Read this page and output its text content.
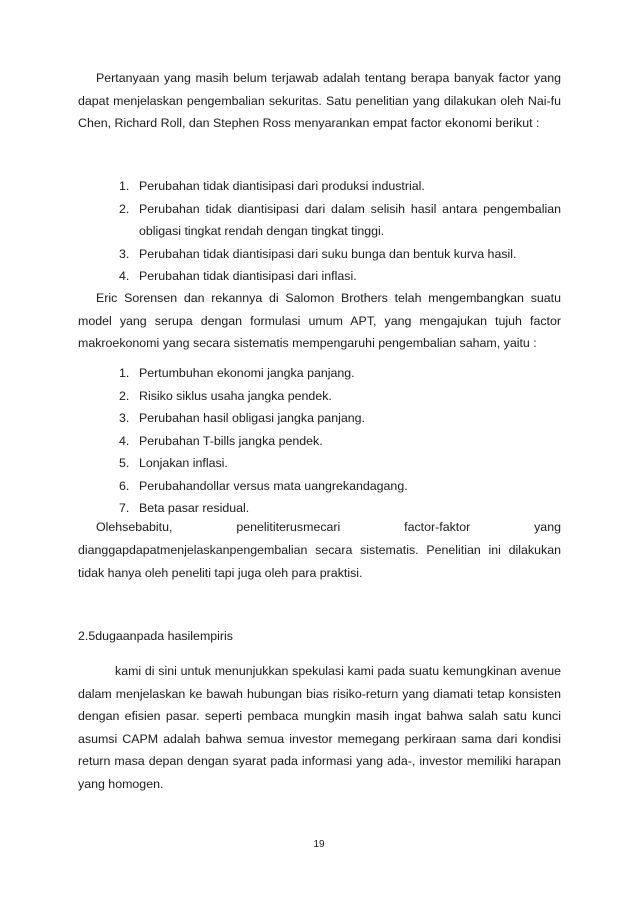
Pertanyaan yang masih belum terjawab adalah tentang berapa banyak factor yang dapat menjelaskan pengembalian sekuritas. Satu penelitian yang dilakukan oleh Nai-fu Chen, Richard Roll, dan Stephen Ross menyarankan empat factor ekonomi berikut :

1. Perubahan tidak diantisipasi dari produksi industrial.
2. Perubahan tidak diantisipasi dari dalam selisih hasil antara pengembalian obligasi tingkat rendah dengan tingkat tinggi.
3. Perubahan tidak diantisipasi dari suku bunga dan bentuk kurva hasil.
4. Perubahan tidak diantisipasi dari inflasi.

Eric Sorensen dan rekannya di Salomon Brothers telah mengembangkan suatu model yang serupa dengan formulasi umum APT, yang mengajukan tujuh factor makroekonomi yang secara sistematis mempengaruhi pengembalian saham, yaitu :

1. Pertumbuhan ekonomi jangka panjang.
2. Risiko siklus usaha jangka pendek.
3. Perubahan hasil obligasi jangka panjang.
4. Perubahan T-bills jangka pendek.
5. Lonjakan inflasi.
6. Perubahandollar versus mata uangrekandagang.
7. Beta pasar residual.
Olehsebabitu,	penelititerusmecari	factor-faktor	yang

dianggapdapatmenjelaskanpengembalian secara sistematis. Penelitian ini dilakukan tidak hanya oleh peneliti tapi juga oleh para praktisi.

2.5dugaanpada hasilempiris

kami di sini untuk menunjukkan spekulasi kami pada suatu kemungkinan avenue dalam menjelaskan ke bawah hubungan bias risiko-return yang diamati tetap konsisten dengan efisien pasar. seperti pembaca mungkin masih ingat bahwa salah satu kunci asumsi CAPM adalah bahwa semua investor memegang perkiraan sama dari kondisi return masa depan dengan syarat pada informasi yang ada-, investor memiliki harapan yang homogen.

19
